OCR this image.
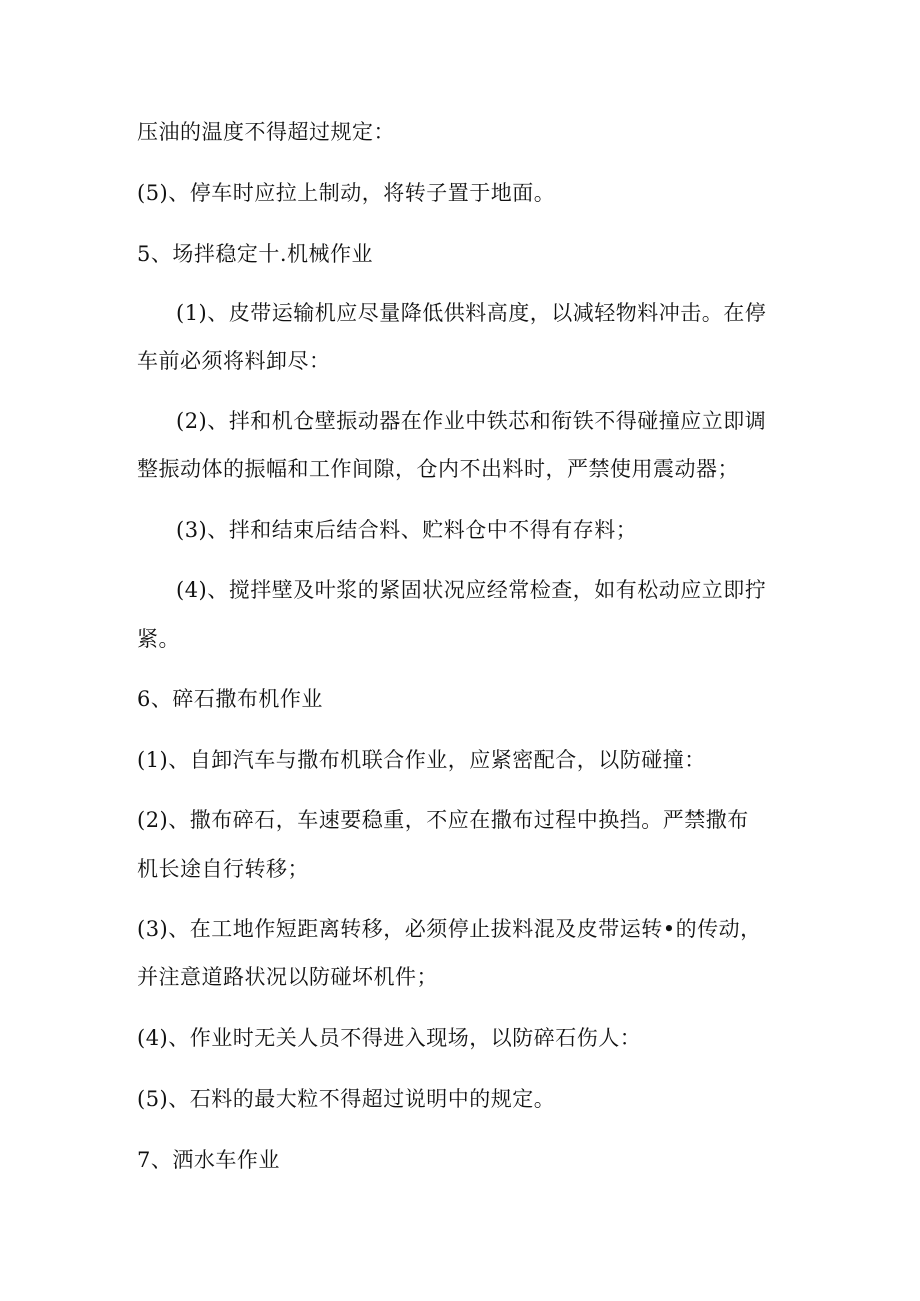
压油的温度不得超过规定：
(5)、停车时应拉上制动，将转子置于地面。
5、场拌稳定十.机械作业
(1)、皮带运输机应尽量降低供料高度，以减轻物料冲击。在停
车前必须将料卸尽：
(2)、拌和机仓壁振动器在作业中铁芯和衔铁不得碰撞应立即调
整振动体的振幅和工作间隙，仓内不出料时，严禁使用震动器；
(3)、拌和结束后结合料、贮料仓中不得有存料；
(4)、搅拌壁及叶浆的紧固状况应经常检查，如有松动应立即拧
紧。
6、碎石撒布机作业
(1)、自卸汽车与撒布机联合作业，应紧密配合，以防碰撞：
(2)、撒布碎石，车速要稳重，不应在撒布过程中换挡。严禁撒布
机长途自行转移；
(3)、在工地作短距离转移，必须停止拔料混及皮带运转•的传动，
并注意道路状况以防碰坏机件；
(4)、作业时无关人员不得进入现场，以防碎石伤人：
(5)、石料的最大粒不得超过说明中的规定。
7、洒水车作业
